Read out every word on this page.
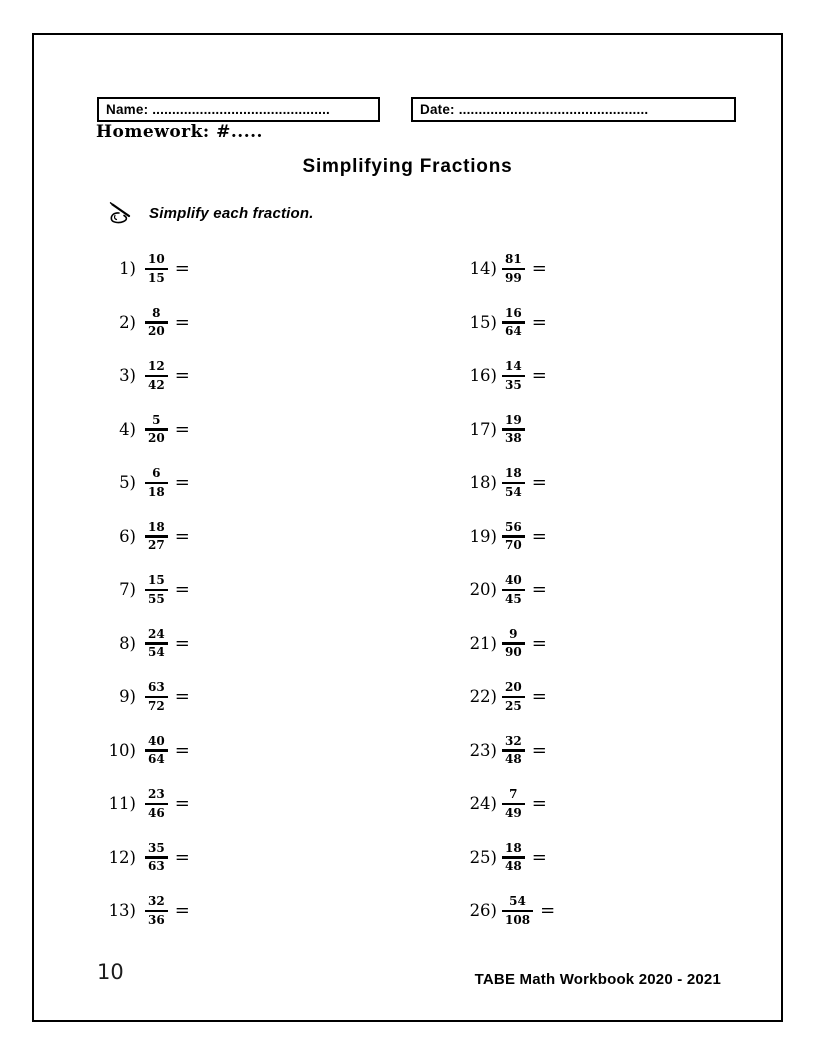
Name: .............................................	Date: ................................................
Homework: #.....
Simplifying Fractions
Simplify each fraction.
$1) \frac{10}{15}$ =
$2) \frac{8}{20}$ =
$3) \frac{12}{42}$ =
$4) \frac{5}{20}$ =
$5) \frac{6}{18}$ =
$6) \frac{18}{27}$ =
$7) \frac{15}{55}$ =
$8) \frac{24}{54}$ =
$9) \frac{63}{72}$ =
$10) \frac{40}{64}$ =
$11) \frac{23}{46}$ =
$12) \frac{35}{63}$ =
$13) \frac{32}{36}$ =
$14) \frac{81}{99}$ =
$15) \frac{16}{64}$ =
$16) \frac{14}{35}$ =
$17) \frac{19}{38}$
$18) \frac{18}{54}$ =
$19) \frac{56}{70}$ =
$20) \frac{40}{45}$ =
$21) \frac{9}{90}$ =
$22) \frac{20}{25}$ =
$23) \frac{32}{48}$ =
$24) \frac{7}{49}$ =
$25) \frac{18}{48}$ =
$26) \frac{54}{108}$ =
10	TABE Math Workbook 2020 - 2021
